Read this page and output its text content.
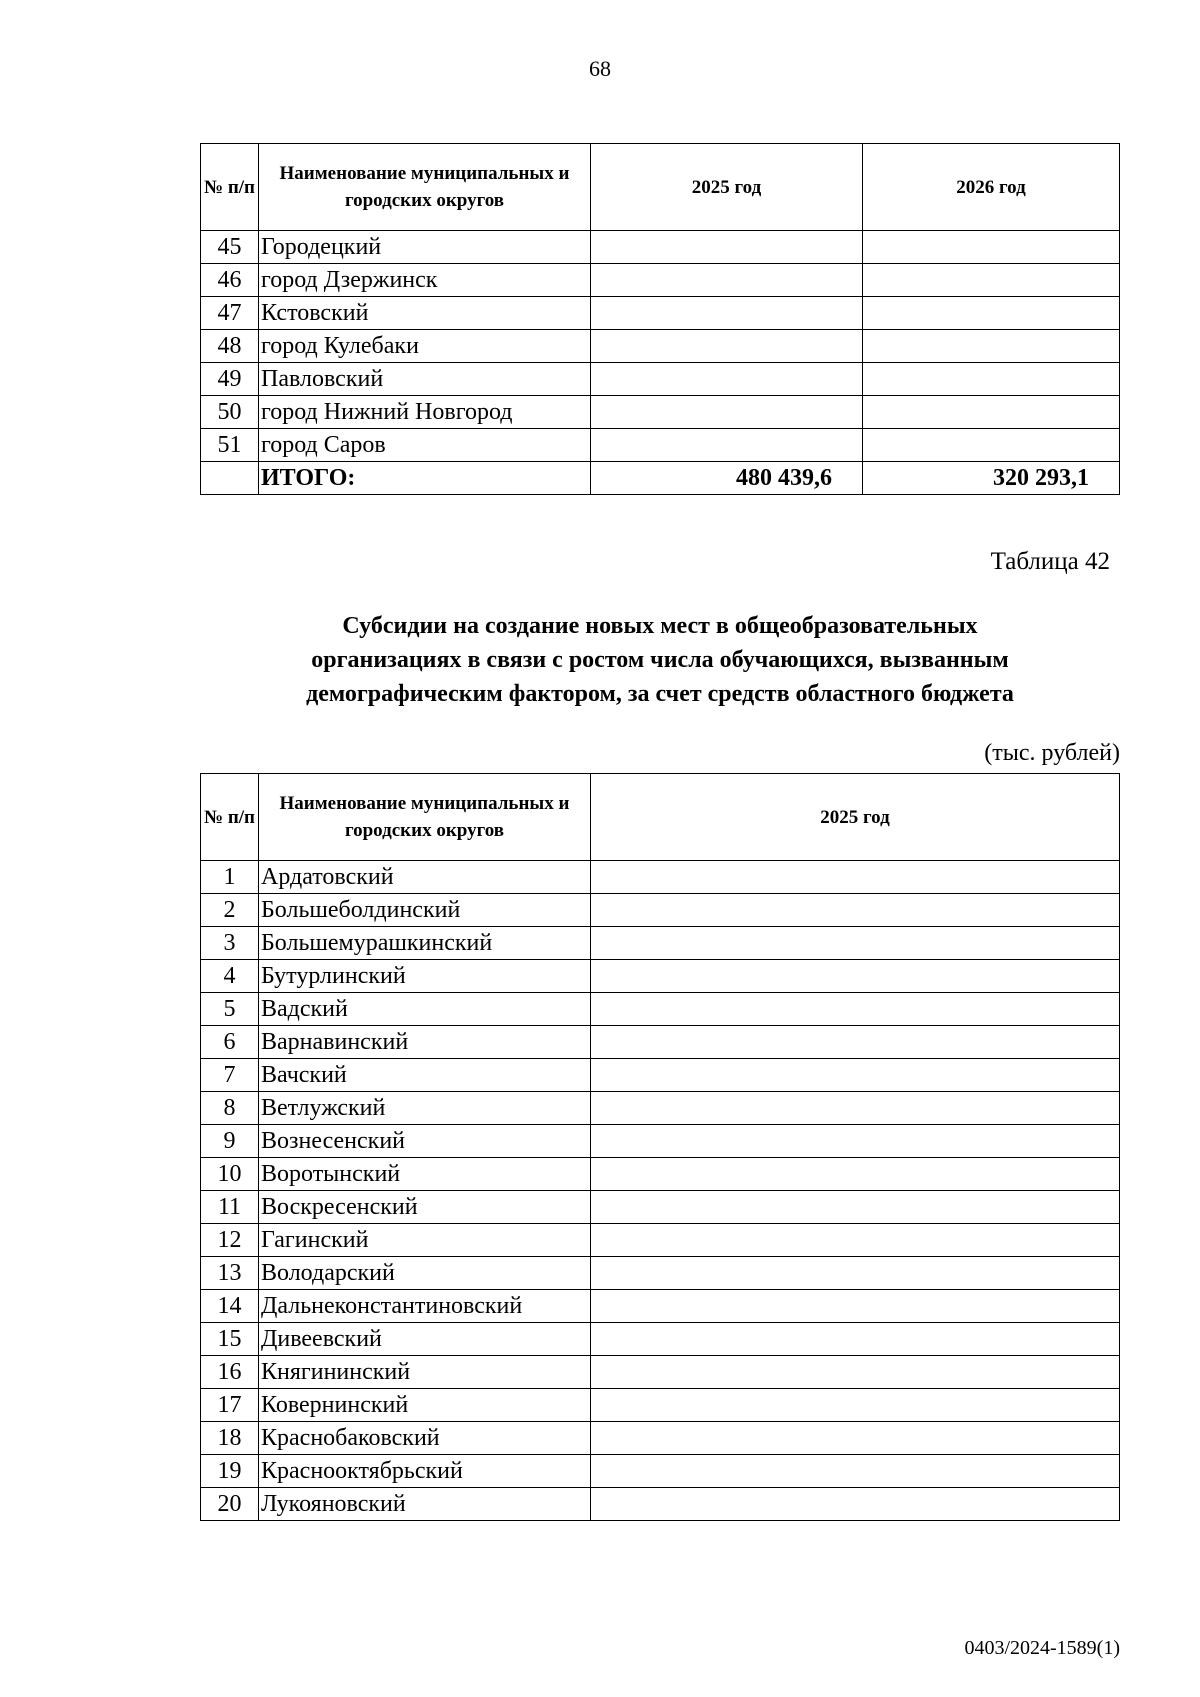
68
№ п/п	Наименование муниципальных и городских округов	2025 год	2026 год
45	Городецкий		
46	город Дзержинск		
47	Кстовский		
48	город Кулебаки		
49	Павловский		
50	город Нижний Новгород		
51	город Саров		
	ИТОГО:	480 439,6	320 293,1
Таблица 42
Субсидии на создание новых мест в общеобразовательных
организациях в связи с ростом числа обучающихся, вызванным
демографическим фактором, за счет средств областного бюджета
(тыс. рублей)
№ п/п	Наименование муниципальных и городских округов	2025 год
1	Ардатовский	
2	Большеболдинский	
3	Большемурашкинский	
4	Бутурлинский	
5	Вадский	
6	Варнавинский	
7	Вачский	
8	Ветлужский	
9	Вознесенский	
10	Воротынский	
11	Воскресенский	
12	Гагинский	
13	Володарский	
14	Дальнеконстантиновский	
15	Дивеевский	
16	Княгининский	
17	Ковернинский	
18	Краснобаковский	
19	Краснооктябрьский	
20	Лукояновский	
0403/2024-1589(1)
